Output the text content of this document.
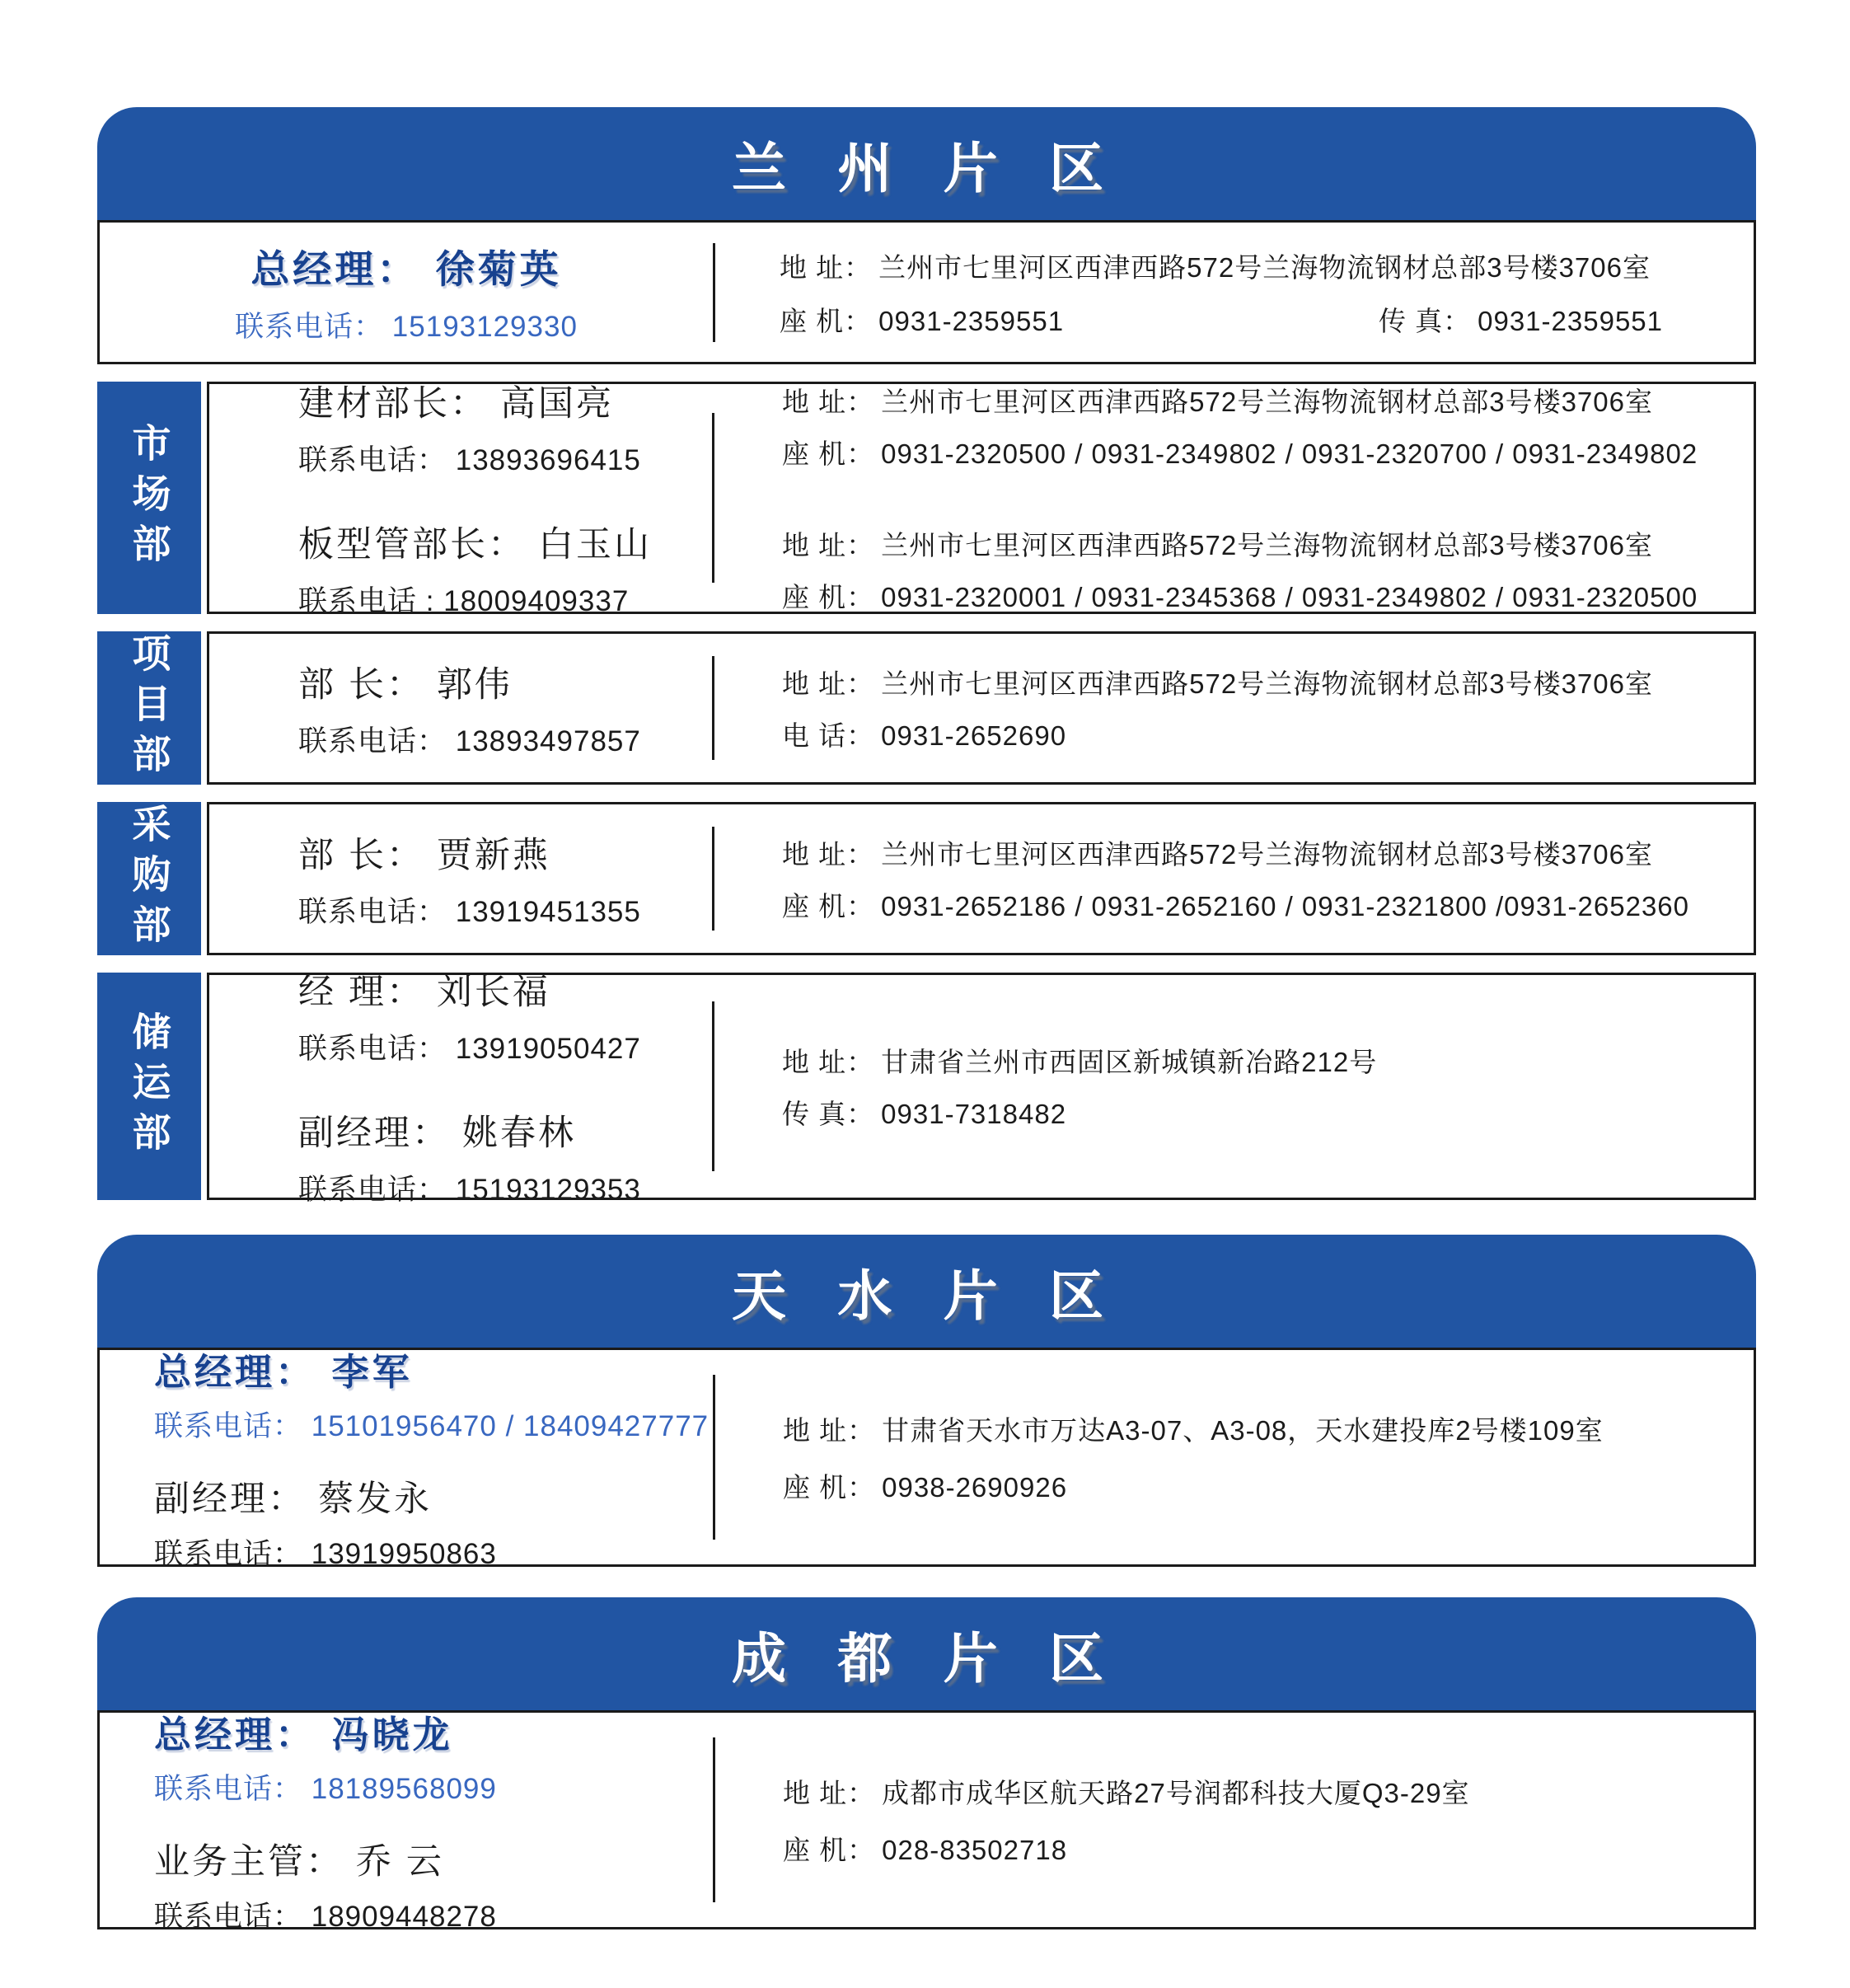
兰 州 片 区
总经理： 徐菊英
联系电话： 15193129330
地 址： 兰州市七里河区西津西路572号兰海物流钢材总部3号楼3706室
座 机： 0931-2359551	传 真： 0931-2359551
市场部
建材部长： 高国亮
联系电话： 13893696415
板型管部长： 白玉山
联系电话 : 18009409337
地 址： 兰州市七里河区西津西路572号兰海物流钢材总部3号楼3706室
座 机： 0931-2320500 / 0931-2349802 / 0931-2320700 / 0931-2349802
地 址： 兰州市七里河区西津西路572号兰海物流钢材总部3号楼3706室
座 机： 0931-2320001 / 0931-2345368 / 0931-2349802 / 0931-2320500
项目部	部 长： 郭伟
联系电话： 13893497857
地 址： 兰州市七里河区西津西路572号兰海物流钢材总部3号楼3706室
电 话： 0931-2652690
采购部	部 长： 贾新燕
联系电话： 13919451355
地 址： 兰州市七里河区西津西路572号兰海物流钢材总部3号楼3706室
座 机： 0931-2652186 / 0931-2652160 / 0931-2321800 /0931-2652360
储运部
经 理： 刘长福
联系电话： 13919050427
副经理： 姚春林
联系电话： 15193129353
地 址： 甘肃省兰州市西固区新城镇新冶路212号
传 真： 0931-7318482
天 水 片 区
总经理： 李军
联系电话： 15101956470 / 18409427777
副经理： 蔡发永
联系电话： 13919950863
地 址： 甘肃省天水市万达A3-07、A3-08，天水建投库2号楼109室
座 机： 0938-2690926
成 都 片 区
总经理： 冯晓龙
联系电话： 18189568099
业务主管： 乔 云
联系电话： 18909448278
地 址： 成都市成华区航天路27号润都科技大厦Q3-29室
座 机： 028-83502718
